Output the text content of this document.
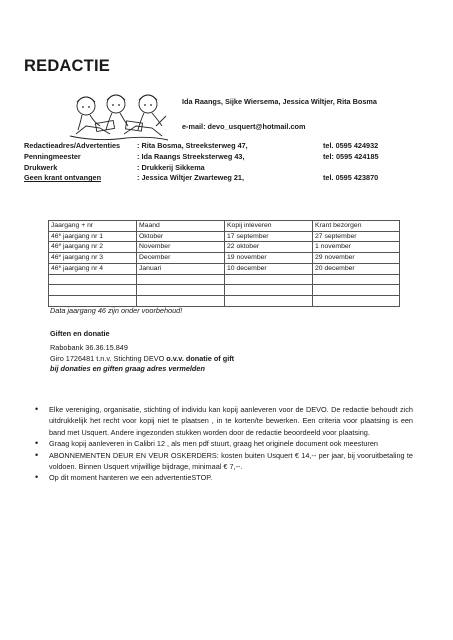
REDACTIE
Ida Raangs, Sijke Wiersema, Jessica Wiltjer, Rita Bosma
e-mail: devo_usquert@hotmail.com
Redactieadres/Advertenties : Rita Bosma, Streeksterweg 47,	tel. 0595 424932
Penningmeester	: Ida Raangs Streeksterweg 43,	tel: 0595 424185
Drukwerk	: Drukkerij Sikkema
Geen krant ontvangen	: Jessica Wiltjer Zwarteweg 21,	tel. 0595 423870
Jaargang + nr	Maand	Kopij inleveren	Krant bezorgen
46e jaargang nr 1	Oktober	17 september	27 september
46e jaargang nr 2	November	22 oktober	1 november
46e jaargang nr 3	December	19 november	29 november
46e jaargang nr 4	Januari	10 december	20 december

Data jaargang 46 zijn onder voorbehoud!
Giften en donatie
Rabobank 36.36.15.849
Giro 1726481 t.n.v. Stichting DEVO o.v.v. donatie of gift
bij donaties en giften graag adres vermelden
• Elke vereniging, organisatie, stichting of individu kan kopij aanleveren voor de DEVO. De redactie behoudt zich uitdrukkelijk het recht voor kopij niet te plaatsen , in te korten/te bewerken. Een criteria voor plaatsing is een band met Usquert. Andere ingezonden stukken worden door de redactie beoordeeld voor plaatsing.
• Graag kopij aanleveren in Calibri 12 , als men pdf stuurt, graag het originele document ook meesturen
• ABONNEMENTEN DEUR EN VEUR OSKERDERS: kosten buiten Usquert € 14,-- per jaar, bij vooruitbetaling te voldoen. Binnen Usquert vrijwillige bijdrage, minimaal € 7,--.
• Op dit moment hanteren we een advertentieSTOP.
